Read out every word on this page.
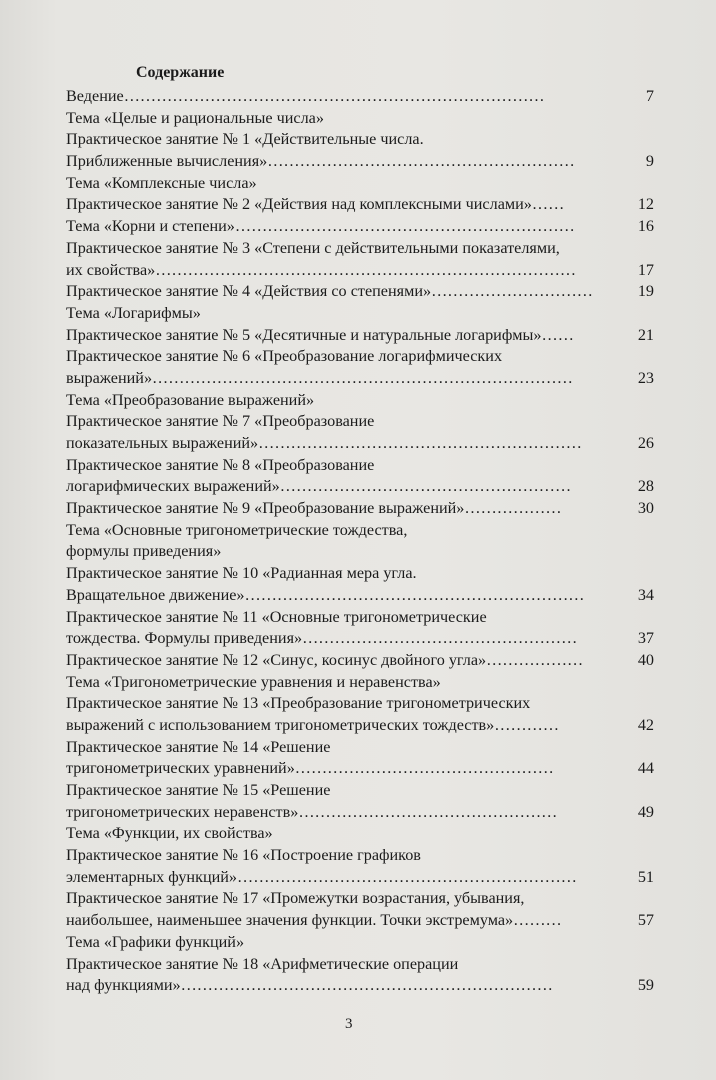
Содержание
Ведение……………………………………………………………………	7
Тема «Целые и рациональные числа»
Практическое занятие № 1 «Действительные числа.
Приближенные вычисления»…………………………………………………	9
Тема «Комплексные числа»
Практическое занятие № 2 «Действия над комплексными числами»……	12
Тема «Корни и степени»………………………………………………………	16
Практическое занятие № 3 «Степени с действительными показателями,
их свойства»……………………………………………………………………	17
Практическое занятие № 4 «Действия со степенями»…………………………	19
Тема «Логарифмы»
Практическое занятие № 5 «Десятичные и натуральные логарифмы»……	21
Практическое занятие № 6 «Преобразование логарифмических
выражений»……………………………………………………………………	23
Тема «Преобразование выражений»
Практическое занятие № 7 «Преобразование
показательных выражений»……………………………………………………	26
Практическое занятие № 8 «Преобразование
логарифмических выражений»………………………………………………	28
Практическое занятие № 9 «Преобразование выражений»………………	30
Тема «Основные тригонометрические тождества,
формулы приведения»
Практическое занятие № 10 «Радианная мера угла.
Вращательное движение»………………………………………………………	34
Практическое занятие № 11 «Основные тригонометрические
тождества. Формулы приведения»……………………………………………	37
Практическое занятие № 12 «Синус, косинус двойного угла»………………	40
Тема «Тригонометрические уравнения и неравенства»
Практическое занятие № 13 «Преобразование тригонометрических
выражений с использованием тригонометрических тождеств»…………	42
Практическое занятие № 14 «Решение
тригонометрических уравнений»…………………………………………	44
Практическое занятие № 15 «Решение
тригонометрических неравенств»…………………………………………	49
Тема «Функции, их свойства»
Практическое занятие № 16 «Построение графиков
элементарных функций»………………………………………………………	51
Практическое занятие № 17 «Промежутки возрастания, убывания,
наибольшее, наименьшее значения функции. Точки экстремума»………	57
Тема «Графики функций»
Практическое занятие № 18 «Арифметические операции
над функциями»……………………………………………………………	59
3
